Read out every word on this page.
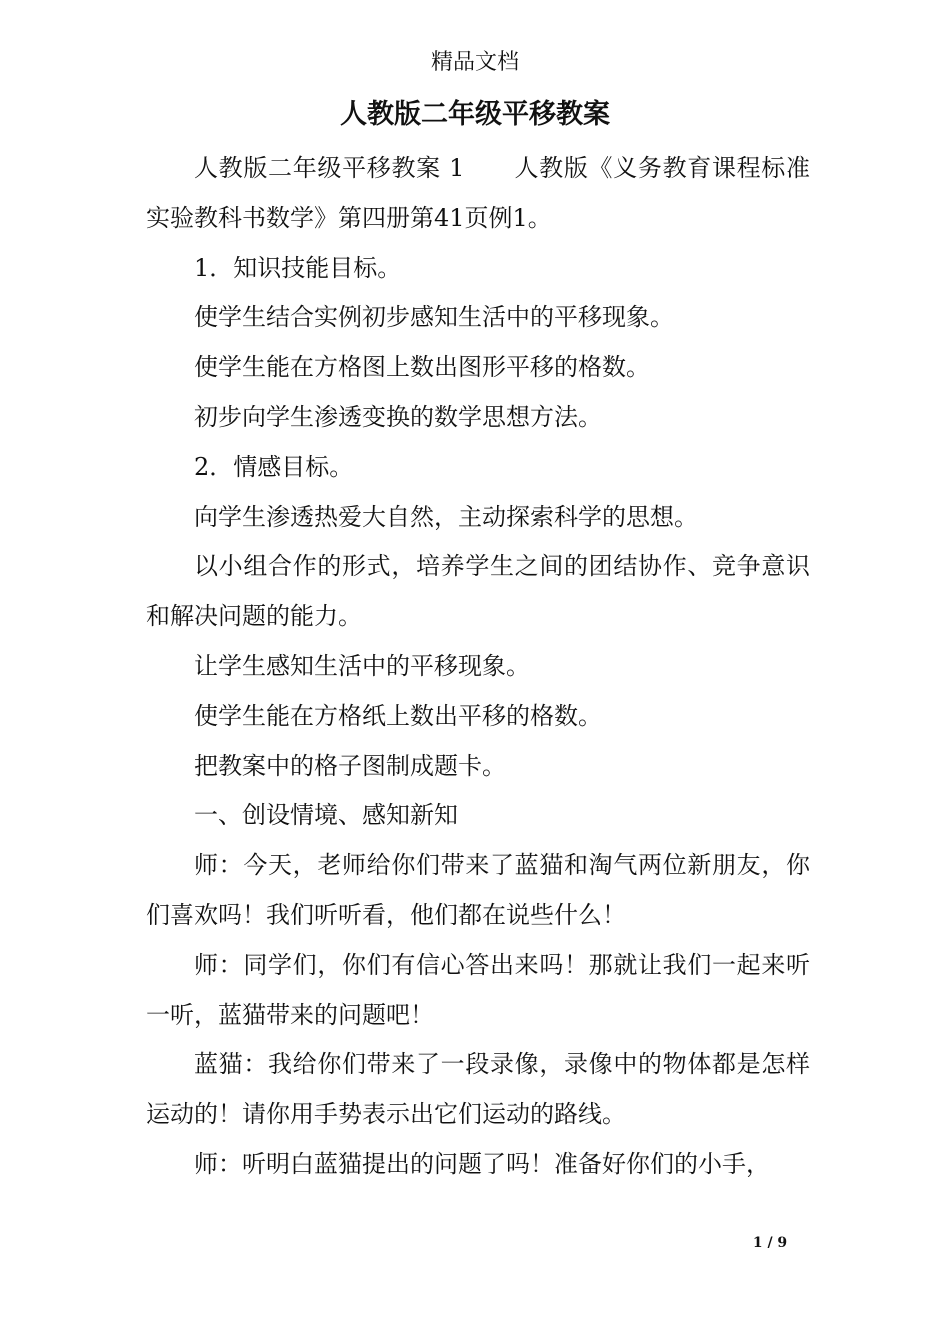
精品文档
人教版二年级平移教案

人教版二年级平移教案 1　　人教版《义务教育课程标准实验教科书数学》第四册第41页例1。

1．知识技能目标。

使学生结合实例初步感知生活中的平移现象。

使学生能在方格图上数出图形平移的格数。

初步向学生渗透变换的数学思想方法。

2．情感目标。

向学生渗透热爱大自然，主动探索科学的思想。

以小组合作的形式，培养学生之间的团结协作、竞争意识和解决问题的能力。

让学生感知生活中的平移现象。

使学生能在方格纸上数出平移的格数。

把教案中的格子图制成题卡。

一、创设情境、感知新知

师：今天，老师给你们带来了蓝猫和淘气两位新朋友，你们喜欢吗！我们听听看，他们都在说些什么！

师：同学们，你们有信心答出来吗！那就让我们一起来听一听，蓝猫带来的问题吧！

蓝猫：我给你们带来了一段录像，录像中的物体都是怎样运动的！请你用手势表示出它们运动的路线。

师：听明白蓝猫提出的问题了吗！准备好你们的小手，

1 / 9
